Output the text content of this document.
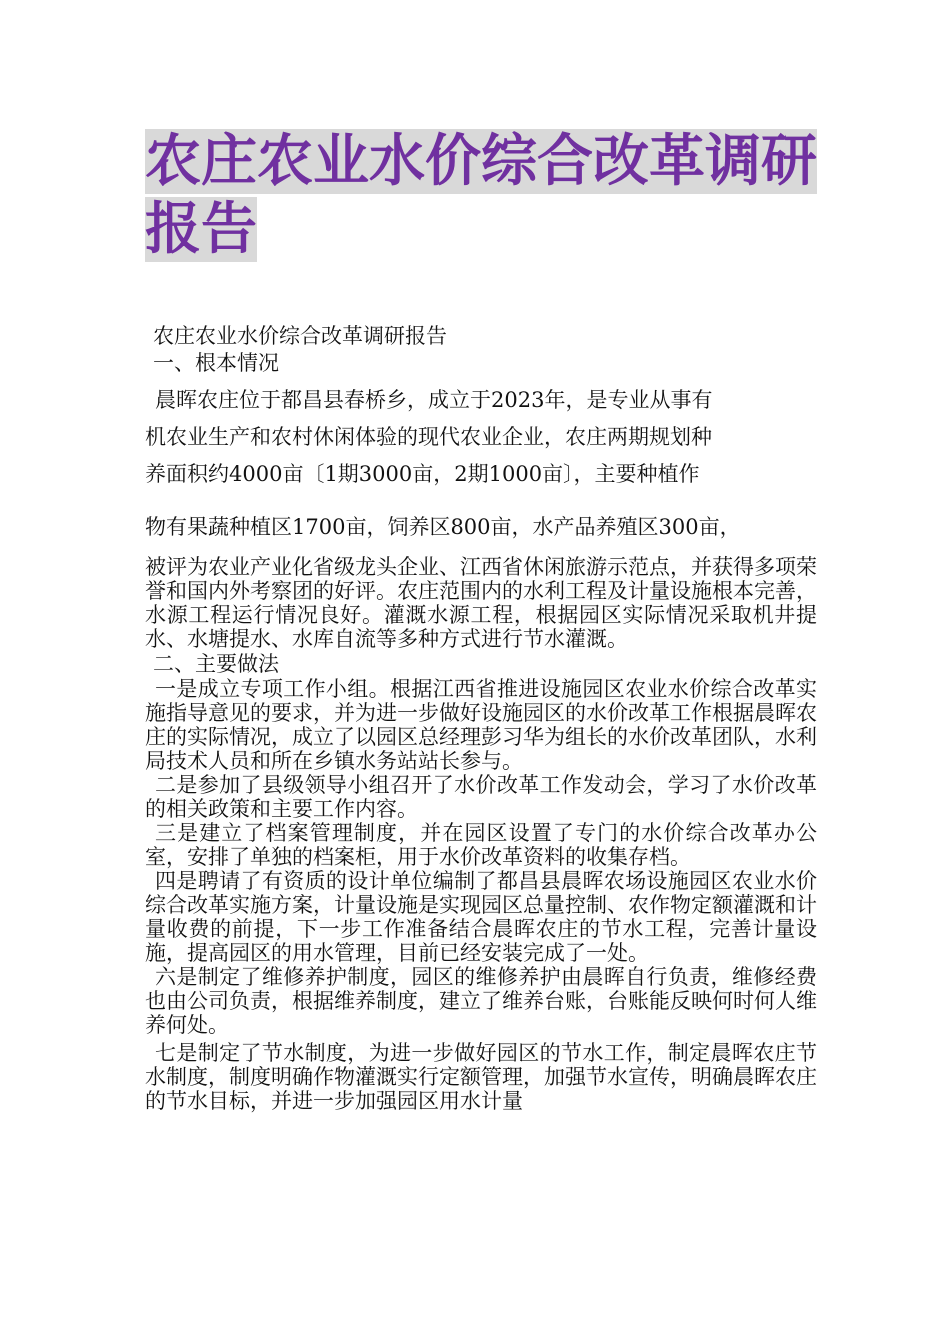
农庄农业水价综合改革调研报告

农庄农业水价综合改革调研报告

一、根本情况

晨晖农庄位于都昌县春桥乡，成立于2023年，是专业从事有

机农业生产和农村休闲体验的现代农业企业，农庄两期规划种

养面积约4000亩〔1期3000亩，2期1000亩〕，主要种植作

物有果蔬种植区1700亩，饲养区800亩，水产品养殖区300亩，

被评为农业产业化省级龙头企业、江西省休闲旅游示范点，并获得多项荣誉和国内外考察团的好评。农庄范围内的水利工程及计量设施根本完善，水源工程运行情况良好。灌溉水源工程，根据园区实际情况采取机井提水、水塘提水、水库自流等多种方式进行节水灌溉。

二、主要做法

一是成立专项工作小组。根据江西省推进设施园区农业水价综合改革实施指导意见的要求，并为进一步做好设施园区的水价改革工作根据晨晖农庄的实际情况，成立了以园区总经理彭习华为组长的水价改革团队，水利局技术人员和所在乡镇水务站站长参与。

二是参加了县级领导小组召开了水价改革工作发动会，学习了水价改革的相关政策和主要工作内容。

三是建立了档案管理制度，并在园区设置了专门的水价综合改革办公室，安排了单独的档案柜，用于水价改革资料的收集存档。

四是聘请了有资质的设计单位编制了都昌县晨晖农场设施园区农业水价综合改革实施方案，计量设施是实现园区总量控制、农作物定额灌溉和计量收费的前提，下一步工作准备结合晨晖农庄的节水工程，完善计量设施，提高园区的用水管理，目前已经安装完成了一处。

六是制定了维修养护制度，园区的维修养护由晨晖自行负责，维修经费也由公司负责，根据维养制度，建立了维养台账，台账能反映何时何人维养何处。

七是制定了节水制度，为进一步做好园区的节水工作，制定晨晖农庄节水制度，制度明确作物灌溉实行定额管理，加强节水宣传，明确晨晖农庄的节水目标，并进一步加强园区用水计量
